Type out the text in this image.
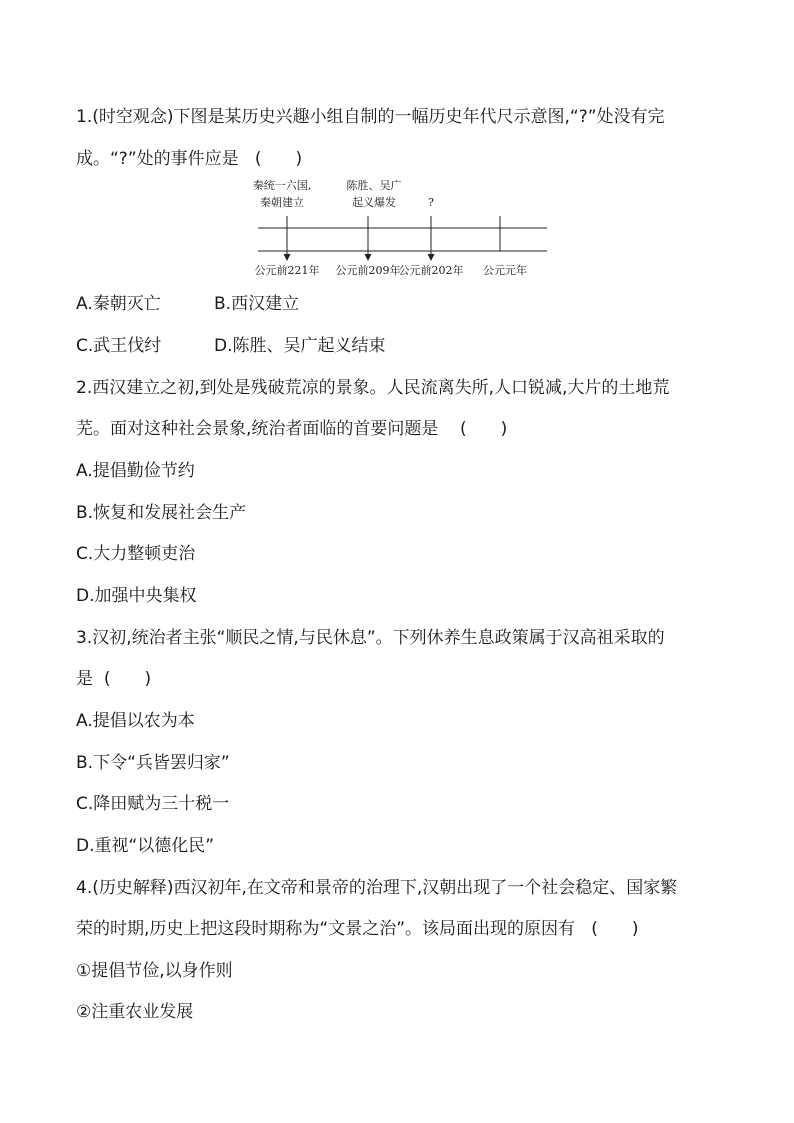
1.(时空观念)下图是某历史兴趣小组自制的一幅历史年代尺示意图,“?”处没有完
成。“?”处的事件应是 (　　)
秦统一六国,
秦朝建立
陈胜、吴广
起义爆发	?
公元前221年 公元前209年
公元前202年 公元元年
A.秦朝灭亡	B.西汉建立
C.武王伐纣	D.陈胜、吴广起义结束
2.西汉建立之初,到处是残破荒凉的景象。人民流离失所,人口锐减,大片的土地荒
芜。面对这种社会景象,统治者面临的首要问题是 (　　)
A.提倡勤俭节约
B.恢复和发展社会生产
C.大力整顿吏治
D.加强中央集权
3.汉初,统治者主张“顺民之情,与民休息”。下列休养生息政策属于汉高祖采取的
是 (　　)
A.提倡以农为本
B.下令“兵皆罢归家”
C.降田赋为三十税一
D.重视“以德化民”
4.(历史解释)西汉初年,在文帝和景帝的治理下,汉朝出现了一个社会稳定、国家繁
荣的时期,历史上把这段时期称为“文景之治”。该局面出现的原因有 (　　)
①提倡节俭,以身作则
②注重农业发展
